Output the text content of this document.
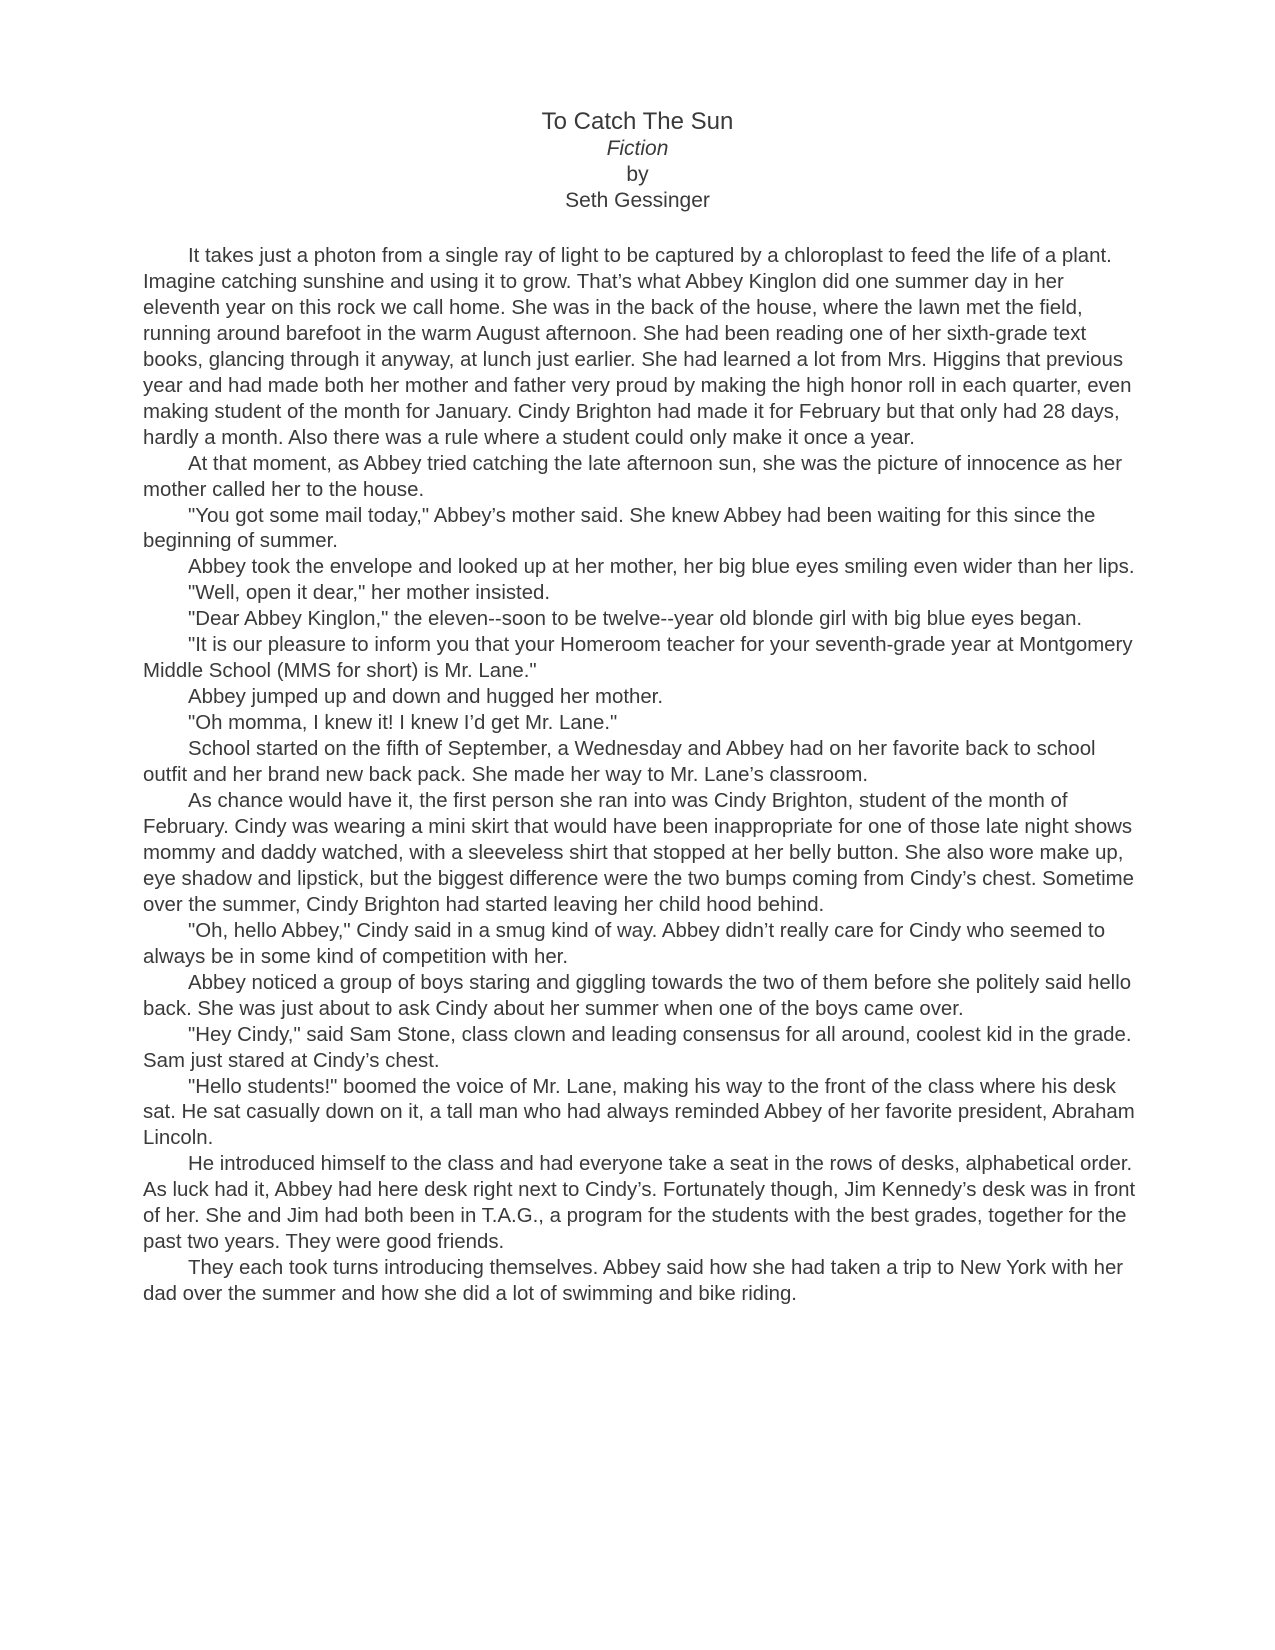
To Catch The Sun
Fiction
by
Seth Gessinger

It takes just a photon from a single ray of light to be captured by a chloroplast to feed the life of a plant. Imagine catching sunshine and using it to grow. That’s what Abbey Kinglon did one summer day in her eleventh year on this rock we call home. She was in the back of the house, where the lawn met the field, running around barefoot in the warm August afternoon. She had been reading one of her sixth-grade text books, glancing through it anyway, at lunch just earlier. She had learned a lot from Mrs. Higgins that previous year and had made both her mother and father very proud by making the high honor roll in each quarter, even making student of the month for January. Cindy Brighton had made it for February but that only had 28 days, hardly a month. Also there was a rule where a student could only make it once a year.

At that moment, as Abbey tried catching the late afternoon sun, she was the picture of innocence as her mother called her to the house.

"You got some mail today," Abbey’s mother said. She knew Abbey had been waiting for this since the beginning of summer.

Abbey took the envelope and looked up at her mother, her big blue eyes smiling even wider than her lips.

"Well, open it dear," her mother insisted.

"Dear Abbey Kinglon," the eleven--soon to be twelve--year old blonde girl with big blue eyes began.

"It is our pleasure to inform you that your Homeroom teacher for your seventh-grade year at Montgomery Middle School (MMS for short) is Mr. Lane."

Abbey jumped up and down and hugged her mother.

"Oh momma, I knew it! I knew I’d get Mr. Lane."

School started on the fifth of September, a Wednesday and Abbey had on her favorite back to school outfit and her brand new back pack. She made her way to Mr. Lane’s classroom.

As chance would have it, the first person she ran into was Cindy Brighton, student of the month of February. Cindy was wearing a mini skirt that would have been inappropriate for one of those late night shows mommy and daddy watched, with a sleeveless shirt that stopped at her belly button. She also wore make up, eye shadow and lipstick, but the biggest difference were the two bumps coming from Cindy’s chest. Sometime over the summer, Cindy Brighton had started leaving her child hood behind.

"Oh, hello Abbey," Cindy said in a smug kind of way. Abbey didn’t really care for Cindy who seemed to always be in some kind of competition with her.

Abbey noticed a group of boys staring and giggling towards the two of them before she politely said hello back. She was just about to ask Cindy about her summer when one of the boys came over.

"Hey Cindy," said Sam Stone, class clown and leading consensus for all around, coolest kid in the grade. Sam just stared at Cindy’s chest.

"Hello students!" boomed the voice of Mr. Lane, making his way to the front of the class where his desk sat. He sat casually down on it, a tall man who had always reminded Abbey of her favorite president, Abraham Lincoln.

He introduced himself to the class and had everyone take a seat in the rows of desks, alphabetical order. As luck had it, Abbey had here desk right next to Cindy’s. Fortunately though, Jim Kennedy’s desk was in front of her. She and Jim had both been in T.A.G., a program for the students with the best grades, together for the past two years. They were good friends.

They each took turns introducing themselves. Abbey said how she had taken a trip to New York with her dad over the summer and how she did a lot of swimming and bike riding.
